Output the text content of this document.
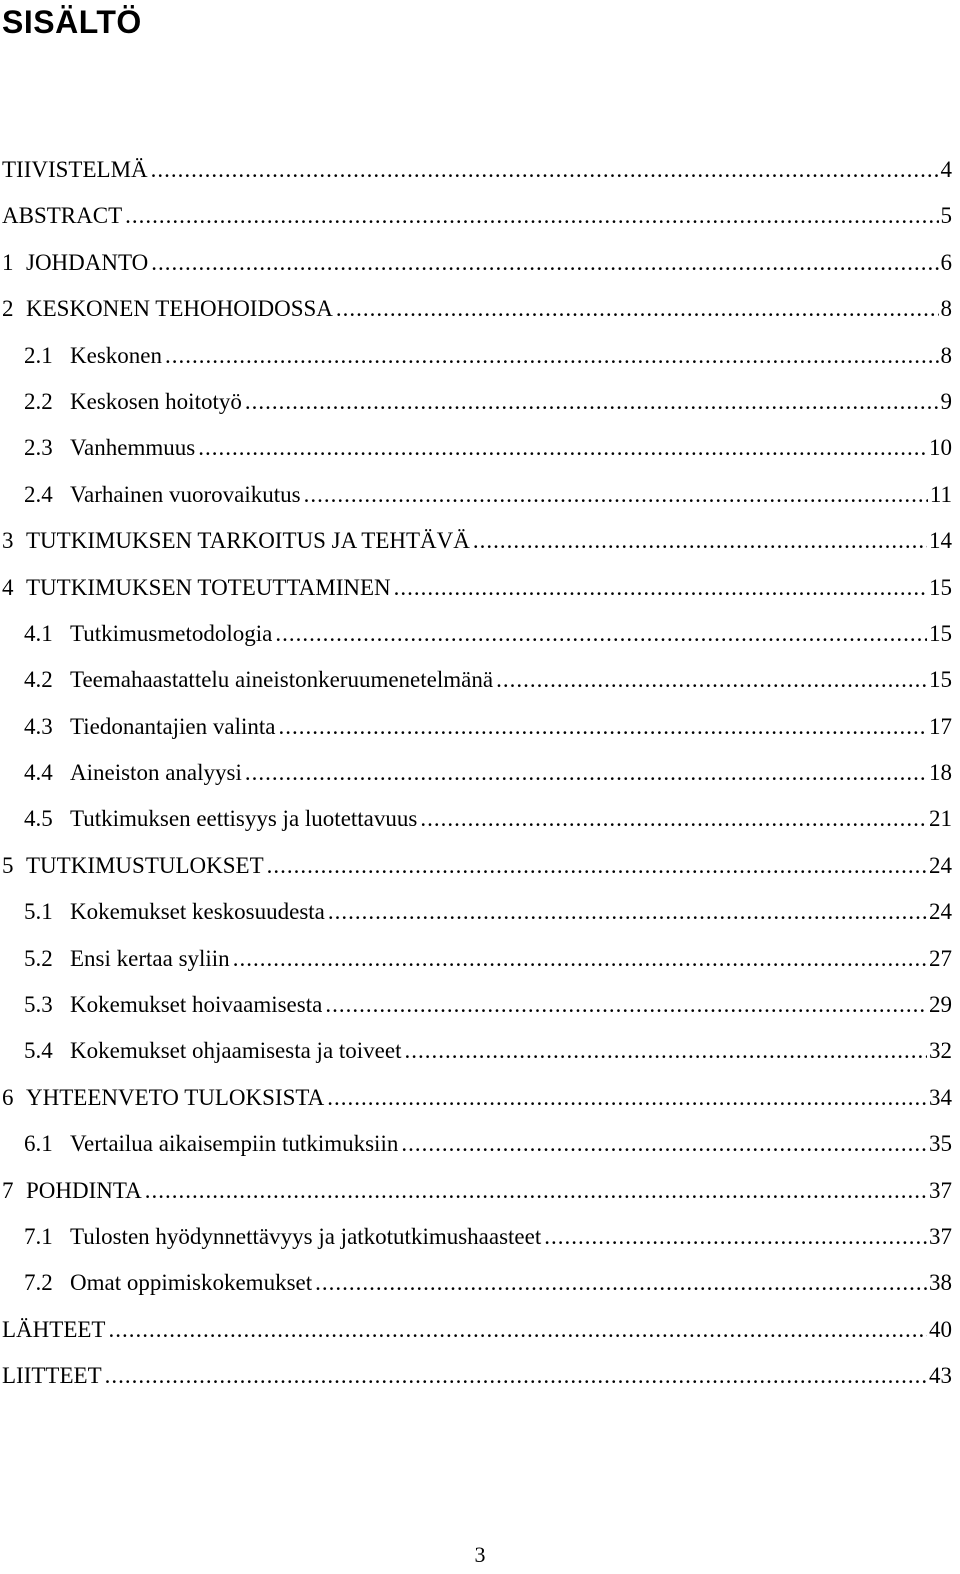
SISÄLTÖ
TIIVISTELMÄ .....	4
ABSTRACT .....	5
1 JOHDANTO .....	6
2 KESKONEN TEHOHOIDOSSA .....	8
2.1 Keskonen .....	8
2.2 Keskosen hoitotyö .....	9
2.3 Vanhemmuus .....	10
2.4 Varhainen vuorovaikutus .....	11
3 TUTKIMUKSEN TARKOITUS JA TEHTÄVÄ .....	14
4 TUTKIMUKSEN TOTEUTTAMINEN .....	15
4.1 Tutkimusmetodologia .....	15
4.2 Teemahaastattelu aineistonkeruumenetelmänä .....	15
4.3 Tiedonantajien valinta .....	17
4.4 Aineiston analyysi .....	18
4.5 Tutkimuksen eettisyys ja luotettavuus .....	21
5 TUTKIMUSTULOKSET .....	24
5.1 Kokemukset keskosuudesta .....	24
5.2 Ensi kertaa syliin .....	27
5.3 Kokemukset hoivaamisesta .....	29
5.4 Kokemukset ohjaamisesta ja toiveet .....	32
6 YHTEENVETO TULOKSISTA .....	34
6.1 Vertailua aikaisempiin tutkimuksiin .....	35
7 POHDINTA .....	37
7.1 Tulosten hyödynnettävyys ja jatkotutkimushaasteet .....	37
7.2 Omat oppimiskokemukset .....	38
LÄHTEET .....	40
LIITTEET .....	43
3
